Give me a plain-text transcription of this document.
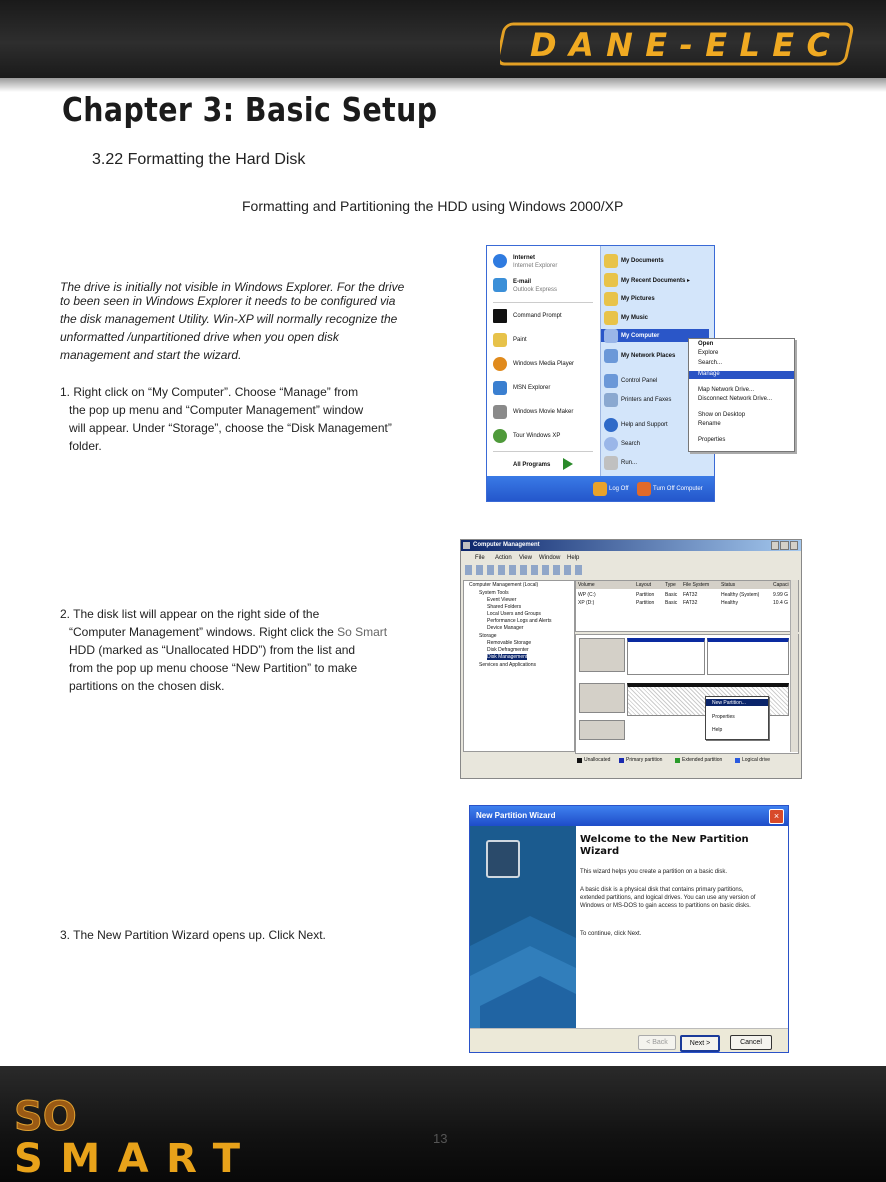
DANE-ELEC
Chapter 3: Basic Setup
3.22 Formatting the Hard Disk
Formatting and Partitioning the HDD using Windows 2000/XP

The drive is initially not visible in Windows Explorer. For the drive

to been seen in Windows Explorer it needs to be configured via

the disk management Utility. Win-XP will normally recognize the

unformatted /unpartitioned drive when you open disk

management and start the wizard.

1. Right click on “My Computer”. Choose “Manage” from

the pop up menu and “Computer Management” window

will appear. Under “Storage”, choose the “Disk Management”

folder.

2. The disk list will appear on the right side of the

“Computer Management” windows. Right click the So Smart

HDD (marked as “Unallocated HDD”) from the list and

from the pop up menu choose “New Partition” to make

partitions on the chosen disk.

3. The New Partition Wizard opens up. Click Next.

Internet
Internet Explorer
E-mail
Outlook Express
Command Prompt
Paint
Windows Media Player
MSN Explorer
Windows Movie Maker
Tour Windows XP
All Programs
My Documents
My Recent Documents ▸
My Pictures
My Music
My Computer
My Network Places
Control Panel
Printers and Faxes
Help and Support
Search
Run...
Log Off	Turn Off Computer
Open
Explore
Search...
Manage
Map Network Drive...
Disconnect Network Drive...
Show on Desktop
Rename
Properties
Computer Management
File Action View Window Help
Computer Management (Local)
System Tools
Event Viewer
Shared Folders
Local Users and Groups
Performance Logs and Alerts
Device Manager
Storage
Removable Storage
Disk Defragmenter
Disk Management
Services and Applications
Volume	Layout	Type File System Status	Capaci
WP (C:)	Partition Basic FAT32	Healthy (System)	9.99 G
XP (D:)	Partition Basic FAT32	Healthy	10.4 G
New Partition...
Properties
Help
Unallocated	Primary partition	Extended partition	Logical drive
New Partition Wizard	×
Welcome to the New Partition Wizard
This wizard helps you create a partition on a basic disk.
A basic disk is a physical disk that contains primary partitions, extended partitions, and logical drives. You can use any version of Windows or MS-DOS to gain access to partitions on basic disks.
To continue, click Next.
< Back	Next >	Cancel
SO
SMART	13
